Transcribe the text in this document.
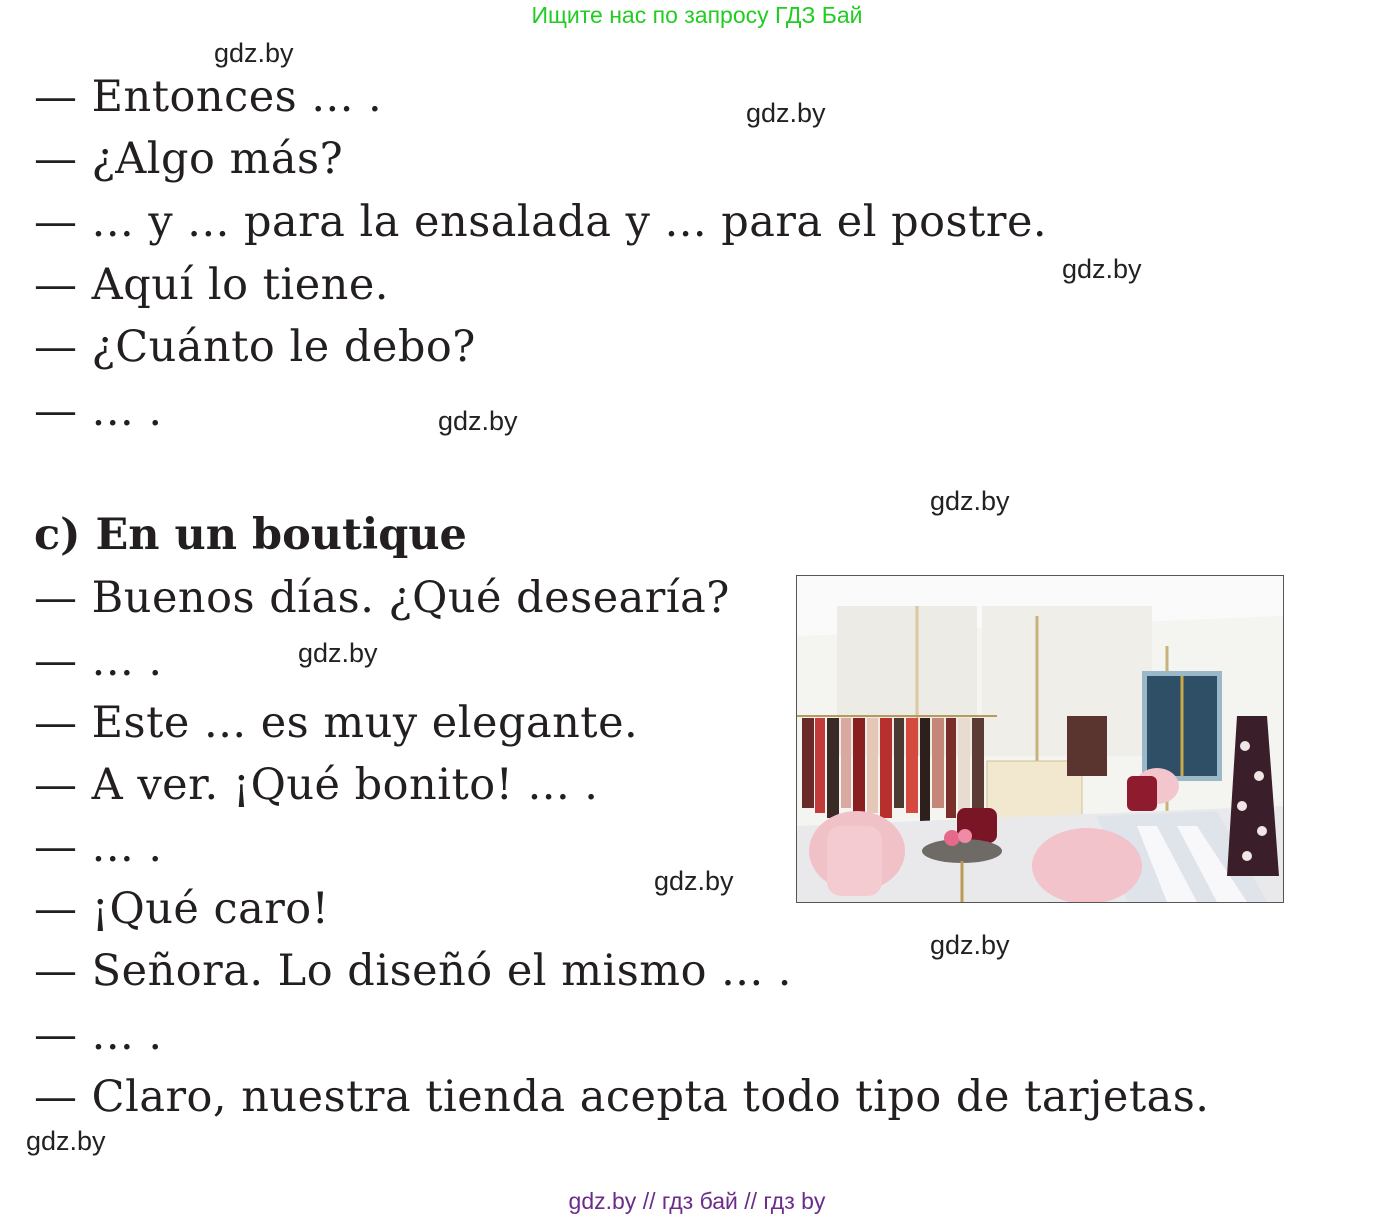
Ищите нас по запросу ГДЗ Бай
— Entonces ... .
— ¿Algo más?
— ... y ... para la ensalada y ... para el postre.
— Aquí lo tiene.
— ¿Cuánto le debo?
— ... .
c) En un boutique
— Buenos días. ¿Qué desearía?
— ... .
— Este ... es muy elegante.
— A ver. ¡Qué bonito! ... .
— ... .
— ¡Qué caro!
— Señora. Lo diseñó el mismo ... .
— ... .
— Claro, nuestra tienda acepta todo tipo de tarjetas.
gdz.by
gdz.by
gdz.by
gdz.by
gdz.by
gdz.by
gdz.by
gdz.by
gdz.by
gdz.by // гдз бай // гдз by
